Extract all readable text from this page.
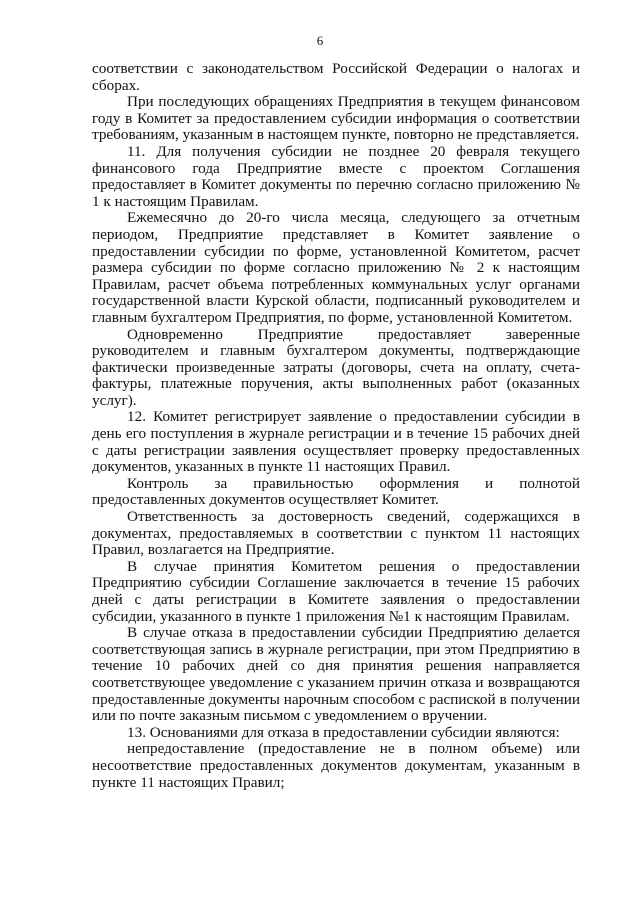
6

соответствии с законодательством Российской Федерации о налогах и сборах.

При последующих обращениях Предприятия в текущем финансовом году в Комитет за предоставлением субсидии информация о соответствии требованиям, указанным в настоящем пункте, повторно не представляется.

11. Для получения субсидии не позднее 20 февраля текущего финансового года Предприятие вместе с проектом Соглашения предоставляет в Комитет документы по перечню согласно приложению № 1 к настоящим Правилам.

Ежемесячно до 20-го числа месяца, следующего за отчетным периодом, Предприятие представляет в Комитет заявление о предоставлении субсидии по форме, установленной Комитетом, расчет размера субсидии по форме согласно приложению № 2 к настоящим Правилам, расчет объема потребленных коммунальных услуг органами государственной власти Курской области, подписанный руководителем и главным бухгалтером Предприятия, по форме, установленной Комитетом.

Одновременно Предприятие предоставляет заверенные руководителем и главным бухгалтером документы, подтверждающие фактически произведенные затраты (договоры, счета на оплату, счета-фактуры, платежные поручения, акты выполненных работ (оказанных услуг).

12. Комитет регистрирует заявление о предоставлении субсидии в день его поступления в журнале регистрации и в течение 15 рабочих дней с даты регистрации заявления осуществляет проверку предоставленных документов, указанных в пункте 11 настоящих Правил.

Контроль за правильностью оформления и полнотой предоставленных документов осуществляет Комитет.

Ответственность за достоверность сведений, содержащихся в документах, предоставляемых в соответствии с пунктом 11 настоящих Правил, возлагается на Предприятие.

В случае принятия Комитетом решения о предоставлении Предприятию субсидии Соглашение заключается в течение 15 рабочих дней с даты регистрации в Комитете заявления о предоставлении субсидии, указанного в пункте 1 приложения №1 к настоящим Правилам.

В случае отказа в предоставлении субсидии Предприятию делается соответствующая запись в журнале регистрации, при этом Предприятию в течение 10 рабочих дней со дня принятия решения направляется соответствующее уведомление с указанием причин отказа и возвращаются предоставленные документы нарочным способом с распиской в получении или по почте заказным письмом с уведомлением о вручении.

13. Основаниями для отказа в предоставлении субсидии являются:

непредоставление (предоставление не в полном объеме) или несоответствие предоставленных документов документам, указанным в пункте 11 настоящих Правил;
